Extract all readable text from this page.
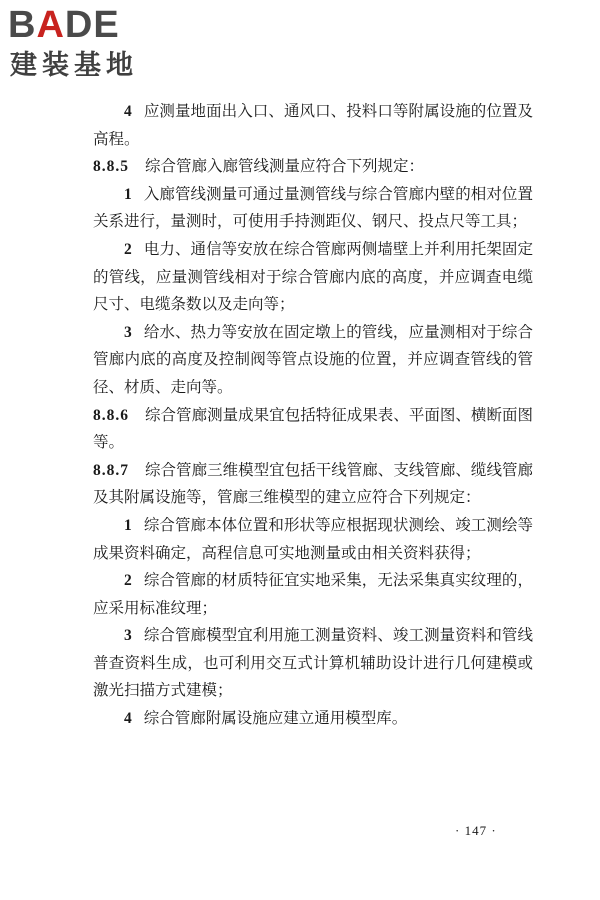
BADE
建装基地

4 应测量地面出入口、通风口、投料口等附属设施的位置及高程。

8.8.5 综合管廊入廊管线测量应符合下列规定：

1 入廊管线测量可通过量测管线与综合管廊内壁的相对位置关系进行，量测时，可使用手持测距仪、钢尺、投点尺等工具；

2 电力、通信等安放在综合管廊两侧墙壁上并利用托架固定的管线，应量测管线相对于综合管廊内底的高度，并应调查电缆尺寸、电缆条数以及走向等；

3 给水、热力等安放在固定墩上的管线，应量测相对于综合管廊内底的高度及控制阀等管点设施的位置，并应调查管线的管径、材质、走向等。

8.8.6 综合管廊测量成果宜包括特征成果表、平面图、横断面图等。

8.8.7 综合管廊三维模型宜包括干线管廊、支线管廊、缆线管廊及其附属设施等，管廊三维模型的建立应符合下列规定：

1 综合管廊本体位置和形状等应根据现状测绘、竣工测绘等成果资料确定，高程信息可实地测量或由相关资料获得；

2 综合管廊的材质特征宜实地采集，无法采集真实纹理的，应采用标准纹理；

3 综合管廊模型宜利用施工测量资料、竣工测量资料和管线普查资料生成，也可利用交互式计算机辅助设计进行几何建模或激光扫描方式建模；

4 综合管廊附属设施应建立通用模型库。

· 147 ·
